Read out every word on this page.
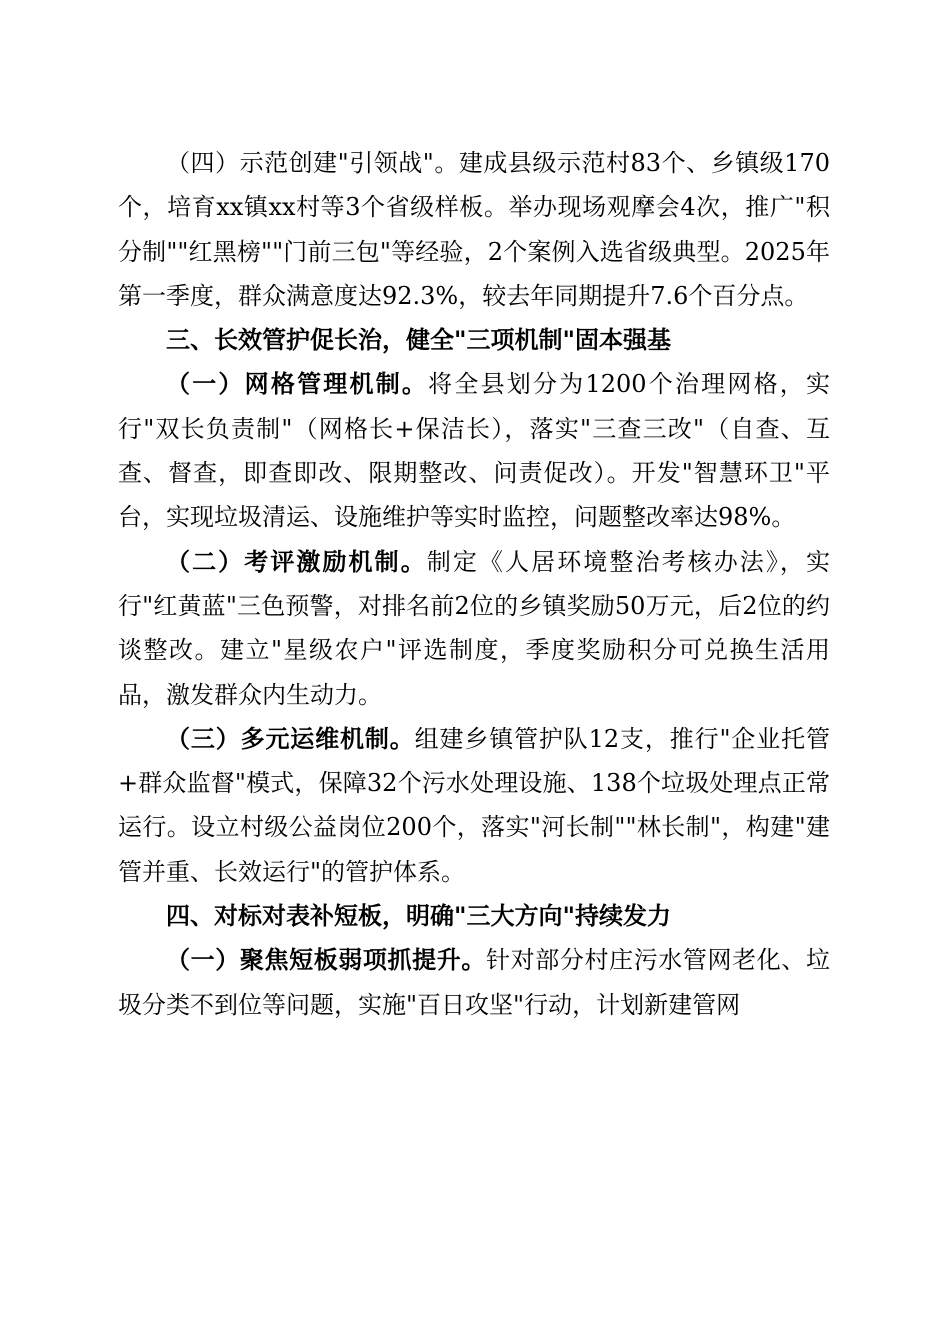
（四）示范创建"引领战"。建成县级示范村83个、乡镇级170个，培育xx镇xx村等3个省级样板。举办现场观摩会4次，推广"积分制""红黑榜""门前三包"等经验，2个案例入选省级典型。2025年第一季度，群众满意度达92.3%，较去年同期提升7.6个百分点。

三、长效管护促长治，健全"三项机制"固本强基

（一）网格管理机制。将全县划分为1200个治理网格，实行"双长负责制"（网格长+保洁长），落实"三查三改"（自查、互查、督查，即查即改、限期整改、问责促改）。开发"智慧环卫"平台，实现垃圾清运、设施维护等实时监控，问题整改率达98%。

（二）考评激励机制。制定《人居环境整治考核办法》，实行"红黄蓝"三色预警，对排名前2位的乡镇奖励50万元，后2位的约谈整改。建立"星级农户"评选制度，季度奖励积分可兑换生活用品，激发群众内生动力。

（三）多元运维机制。组建乡镇管护队12支，推行"企业托管+群众监督"模式，保障32个污水处理设施、138个垃圾处理点正常运行。设立村级公益岗位200个，落实"河长制""林长制"，构建"建管并重、长效运行"的管护体系。

四、对标对表补短板，明确"三大方向"持续发力

（一）聚焦短板弱项抓提升。针对部分村庄污水管网老化、垃圾分类不到位等问题，实施"百日攻坚"行动，计划新建管网
